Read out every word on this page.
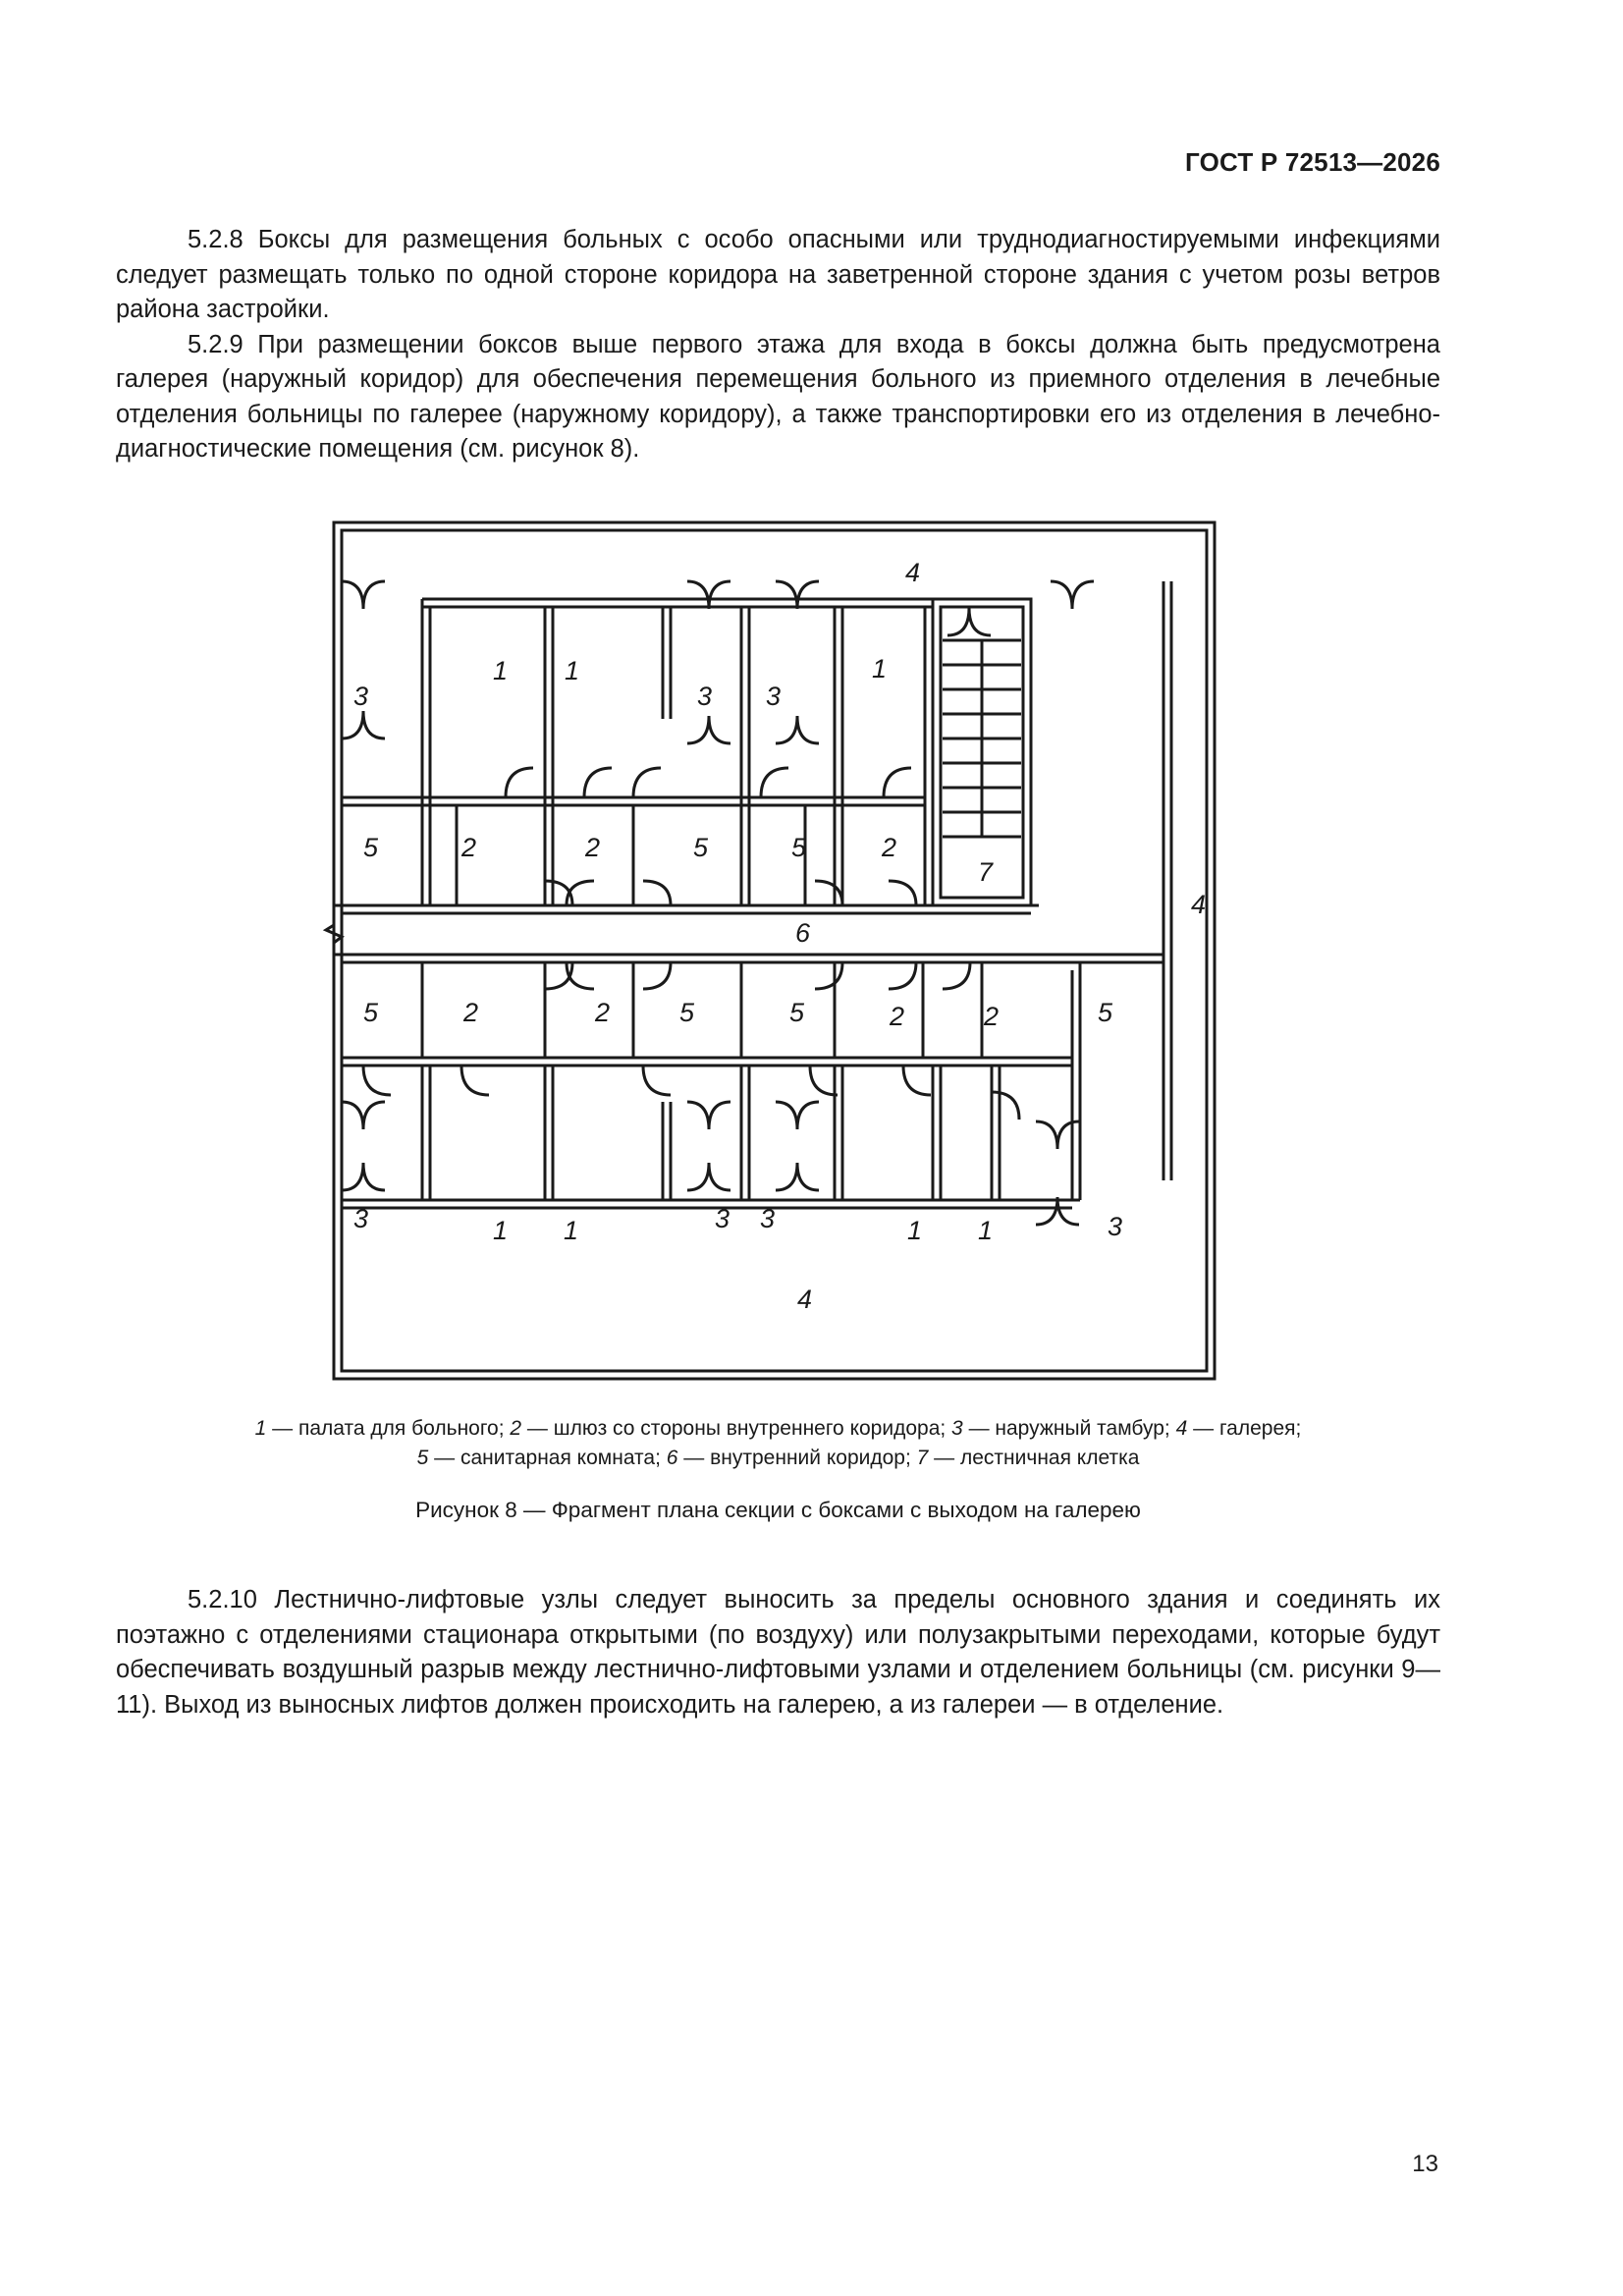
ГОСТ Р 72513—2026

5.2.8 Боксы для размещения больных с особо опасными или труднодиагностируемыми инфекциями следует размещать только по одной стороне коридора на заветренной стороне здания с учетом розы ветров района застройки.

5.2.9 При размещении боксов выше первого этажа для входа в боксы должна быть предусмотрена галерея (наружный коридор) для обеспечения перемещения больного из приемного отделения в лечебные отделения больницы по галерее (наружному коридору), а также транспортировки его из отделения в лечебно-диагностические помещения (см. рисунок 8).

4
4
4
6
7
3
1 1
3 3
1
5	2	2	5	5	2
5	2	2	5	5	2	2	5
3	1 1	3 3	1 1	3
1 — палата для больного; 2 — шлюз со стороны внутреннего коридора; 3 — наружный тамбур; 4 — галерея;
5 — санитарная комната; 6 — внутренний коридор; 7 — лестничная клетка
Рисунок 8 — Фрагмент плана секции с боксами с выходом на галерею

5.2.10 Лестнично-лифтовые узлы следует выносить за пределы основного здания и соединять их поэтажно с отделениями стационара открытыми (по воздуху) или полузакрытыми переходами, которые будут обеспечивать воздушный разрыв между лестнично-лифтовыми узлами и отделением больницы (см. рисунки 9—11). Выход из выносных лифтов должен происходить на галерею, а из галереи — в отделение.

13
